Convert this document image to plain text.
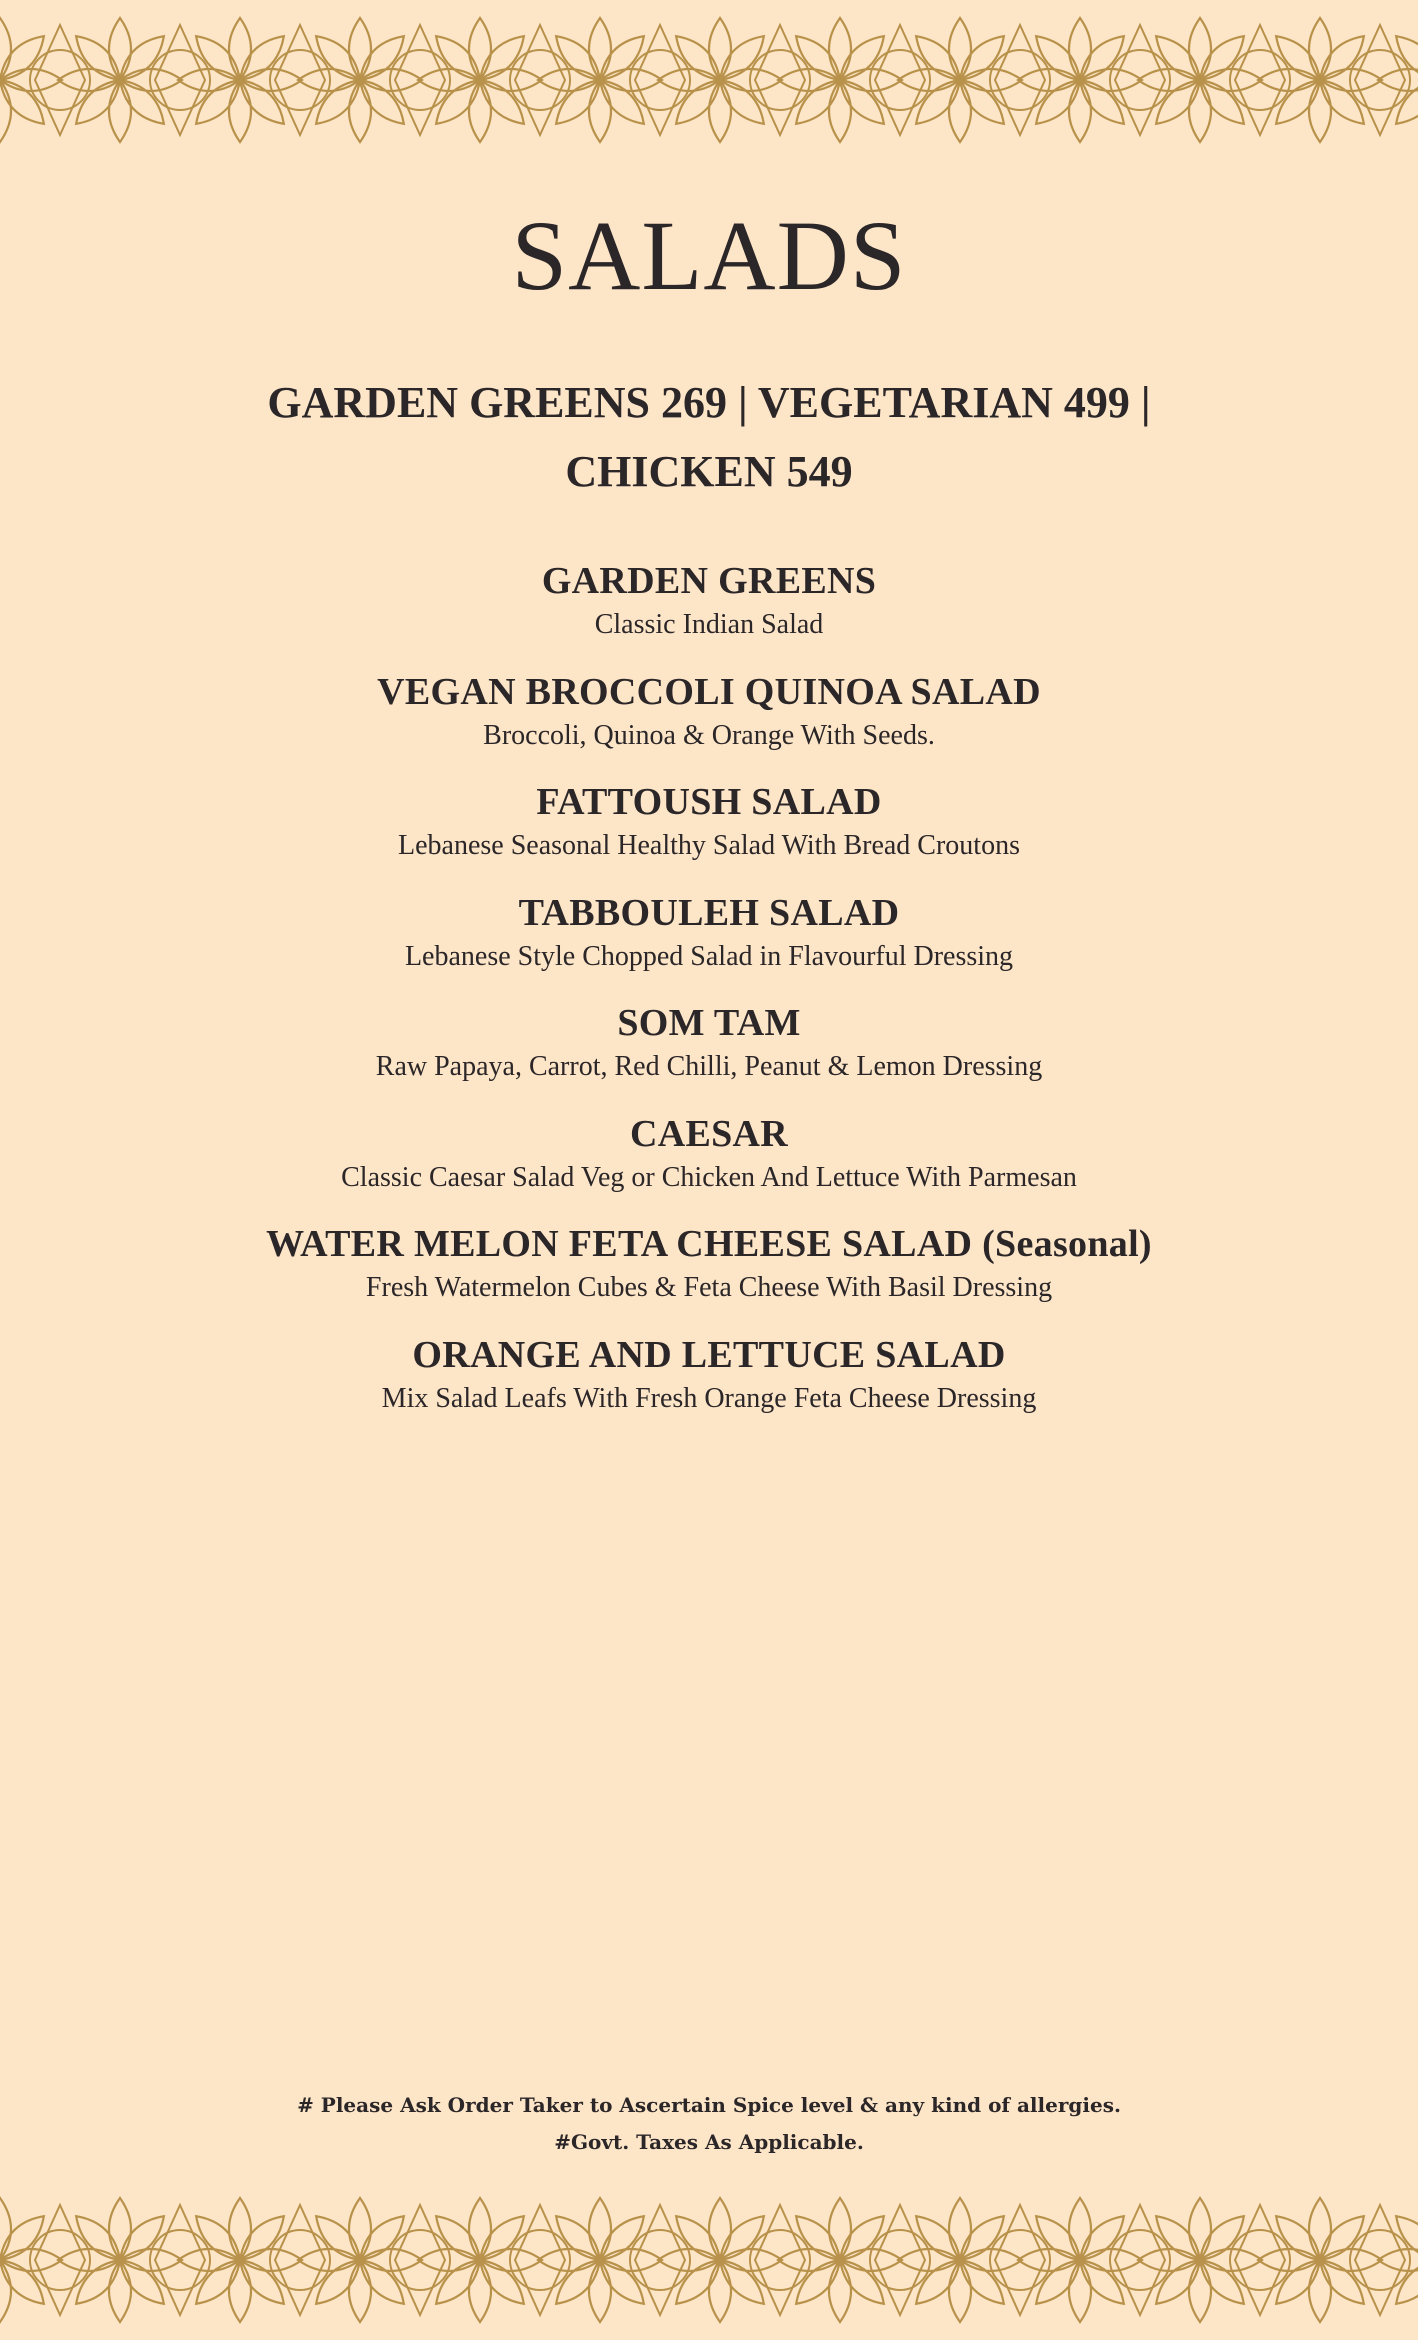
SALADS
GARDEN GREENS 269 | VEGETARIAN 499 |
CHICKEN 549
GARDEN GREENS
Classic Indian Salad
VEGAN BROCCOLI QUINOA SALAD
Broccoli, Quinoa & Orange With Seeds.
FATTOUSH SALAD
Lebanese Seasonal Healthy Salad With Bread Croutons
TABBOULEH SALAD
Lebanese Style Chopped Salad in Flavourful Dressing
SOM TAM
Raw Papaya, Carrot, Red Chilli, Peanut & Lemon Dressing
CAESAR
Classic Caesar Salad Veg or Chicken And Lettuce With Parmesan
WATER MELON FETA CHEESE SALAD (Seasonal)
Fresh Watermelon Cubes & Feta Cheese With Basil Dressing
ORANGE AND LETTUCE SALAD
Mix Salad Leafs With Fresh Orange Feta Cheese Dressing
# Please Ask Order Taker to Ascertain Spice level & any kind of allergies.
#Govt. Taxes As Applicable.
